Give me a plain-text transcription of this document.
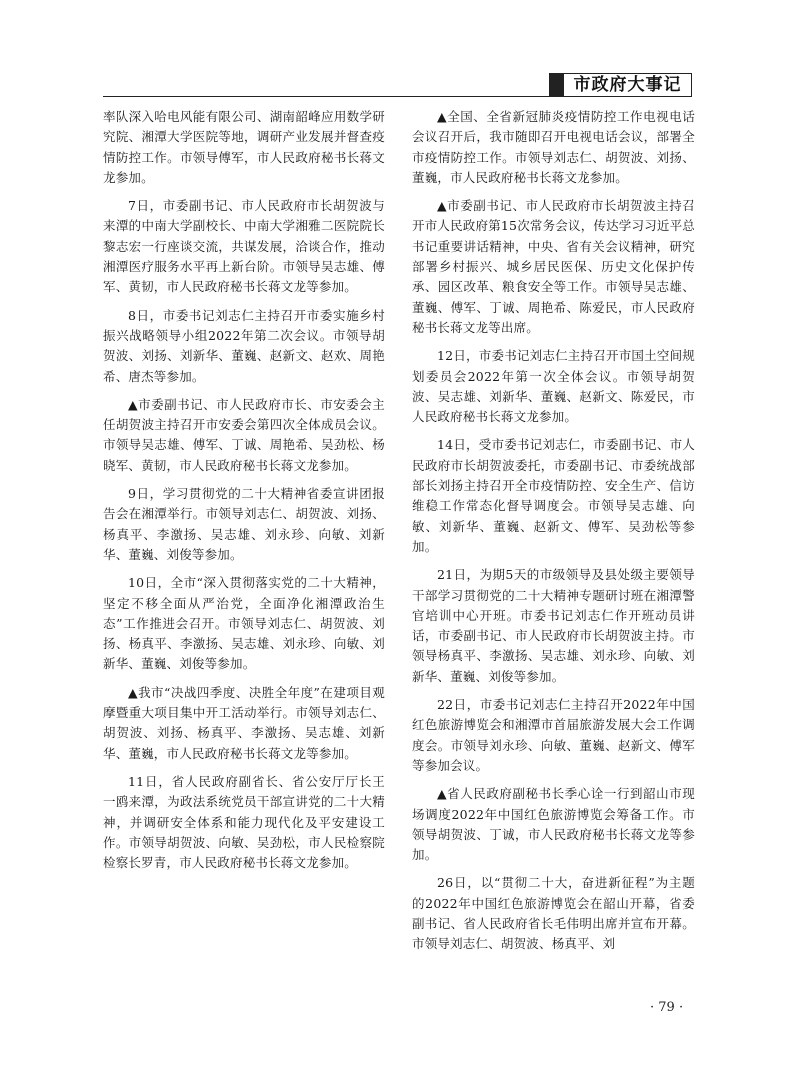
市政府大事记

率队深入哈电风能有限公司、湖南韶峰应用数学研究院、湘潭大学医院等地，调研产业发展并督查疫情防控工作。市领导傅军，市人民政府秘书长蒋文龙参加。

7日，市委副书记、市人民政府市长胡贺波与来潭的中南大学副校长、中南大学湘雅二医院院长黎志宏一行座谈交流，共谋发展，洽谈合作，推动湘潭医疗服务水平再上新台阶。市领导吴志雄、傅军、黄韧，市人民政府秘书长蒋文龙等参加。

8日，市委书记刘志仁主持召开市委实施乡村振兴战略领导小组2022年第二次会议。市领导胡贺波、刘扬、刘新华、董巍、赵新文、赵欢、周艳希、唐杰等参加。

▲市委副书记、市人民政府市长、市安委会主任胡贺波主持召开市安委会第四次全体成员会议。市领导吴志雄、傅军、丁诚、周艳希、吴劲松、杨晓军、黄韧，市人民政府秘书长蒋文龙参加。

9日，学习贯彻党的二十大精神省委宣讲团报告会在湘潭举行。市领导刘志仁、胡贺波、刘扬、杨真平、李激扬、吴志雄、刘永珍、向敏、刘新华、董巍、刘俊等参加。

10日，全市“深入贯彻落实党的二十大精神，坚定不移全面从严治党，全面净化湘潭政治生态”工作推进会召开。市领导刘志仁、胡贺波、刘扬、杨真平、李激扬、吴志雄、刘永珍、向敏、刘新华、董巍、刘俊等参加。

▲我市“决战四季度、决胜全年度”在建项目观摩暨重大项目集中开工活动举行。市领导刘志仁、胡贺波、刘扬、杨真平、李激扬、吴志雄、刘新华、董巍，市人民政府秘书长蒋文龙等参加。

11日，省人民政府副省长、省公安厅厅长王一鸥来潭，为政法系统党员干部宣讲党的二十大精神，并调研安全体系和能力现代化及平安建设工作。市领导胡贺波、向敏、吴劲松，市人民检察院检察长罗青，市人民政府秘书长蒋文龙参加。

▲全国、全省新冠肺炎疫情防控工作电视电话会议召开后，我市随即召开电视电话会议，部署全市疫情防控工作。市领导刘志仁、胡贺波、刘扬、董巍，市人民政府秘书长蒋文龙参加。

▲市委副书记、市人民政府市长胡贺波主持召开市人民政府第15次常务会议，传达学习习近平总书记重要讲话精神，中央、省有关会议精神，研究部署乡村振兴、城乡居民医保、历史文化保护传承、园区改革、粮食安全等工作。市领导吴志雄、董巍、傅军、丁诚、周艳希、陈爱民，市人民政府秘书长蒋文龙等出席。

12日，市委书记刘志仁主持召开市国土空间规划委员会2022年第一次全体会议。市领导胡贺波、吴志雄、刘新华、董巍、赵新文、陈爱民，市人民政府秘书长蒋文龙参加。

14日，受市委书记刘志仁，市委副书记、市人民政府市长胡贺波委托，市委副书记、市委统战部部长刘扬主持召开全市疫情防控、安全生产、信访维稳工作常态化督导调度会。市领导吴志雄、向敏、刘新华、董巍、赵新文、傅军、吴劲松等参加。

21日，为期5天的市级领导及县处级主要领导干部学习贯彻党的二十大精神专题研讨班在湘潭警官培训中心开班。市委书记刘志仁作开班动员讲话，市委副书记、市人民政府市长胡贺波主持。市领导杨真平、李激扬、吴志雄、刘永珍、向敏、刘新华、董巍、刘俊等参加。

22日，市委书记刘志仁主持召开2022年中国红色旅游博览会和湘潭市首届旅游发展大会工作调度会。市领导刘永珍、向敏、董巍、赵新文、傅军等参加会议。

▲省人民政府副秘书长季心诠一行到韶山市现场调度2022年中国红色旅游博览会筹备工作。市领导胡贺波、丁诚，市人民政府秘书长蒋文龙等参加。

26日，以“贯彻二十大，奋进新征程”为主题的2022年中国红色旅游博览会在韶山开幕，省委副书记、省人民政府省长毛伟明出席并宣布开幕。市领导刘志仁、胡贺波、杨真平、刘

· 79 ·
